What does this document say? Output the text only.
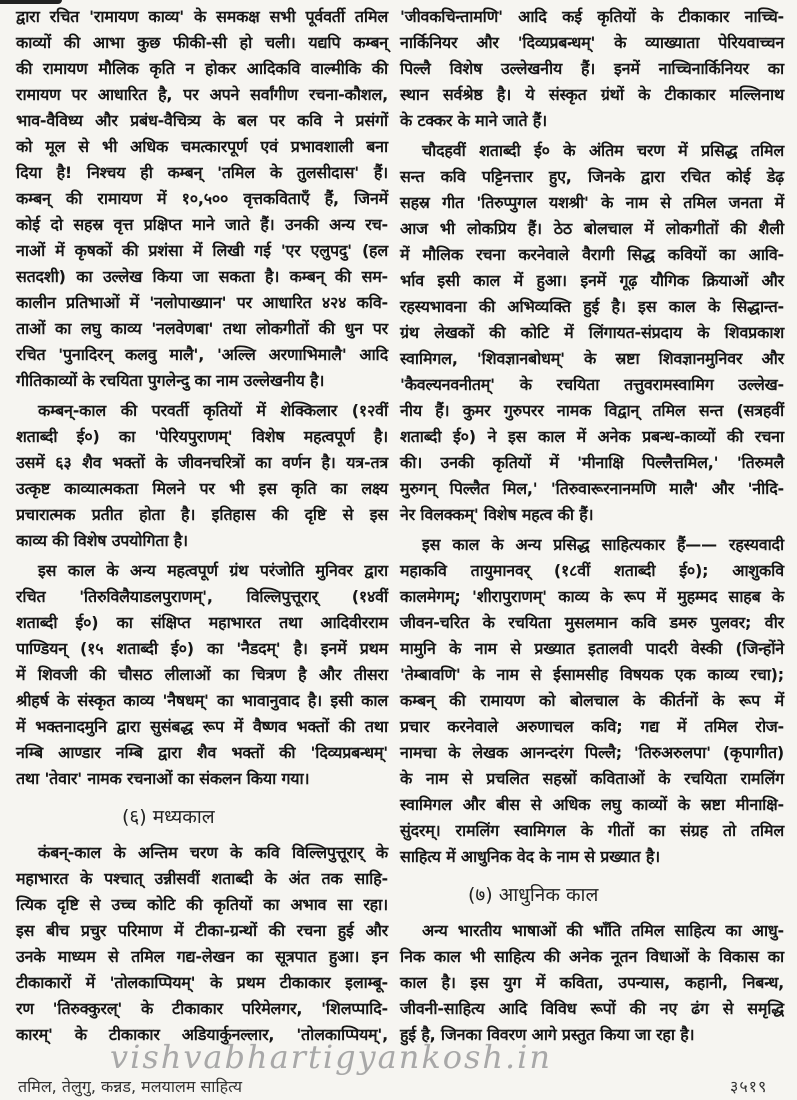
द्वारा रचित 'रामायण काव्य' के समकक्ष सभी पूर्ववर्ती तमिल
काव्यों की आभा कुछ फीकी-सी हो चली। यद्यपि कम्बन्
की रामायण मौलिक कृति न होकर आदिकवि वाल्मीकि की
रामायण पर आधारित है, पर अपने सर्वांगीण रचना-कौशल,
भाव-वैविध्य और प्रबंध-वैचित्र्य के बल पर कवि ने प्रसंगों
को मूल से भी अधिक चमत्कारपूर्ण एवं प्रभावशाली बना
दिया है! निश्चय ही कम्बन् 'तमिल के तुलसीदास' हैं।
कम्बन् की रामायण में १०,५०० वृत्तकविताएँ हैं, जिनमें
कोई दो सहस्र वृत्त प्रक्षिप्त माने जाते हैं। उनकी अन्य रच-
नाओं में कृषकों की प्रशंसा में लिखी गई 'एर एलुपदु' (हल
सतदशी) का उल्लेख किया जा सकता है। कम्बन् की सम-
कालीन प्रतिभाओं में 'नलोपाख्यान' पर आधारित ४२४ कवि-
ताओं का लघु काव्य 'नलवेणबा' तथा लोकगीतों की धुन पर
रचित 'पुनादिरन् कलवु मालै', 'अल्लि अरणाभिमालै' आदि
गीतिकाव्यों के रचयिता पुगलेन्दु का नाम उल्लेखनीय है।
कम्बन्-काल की परवर्ती कृतियों में शेक्किलार (१२वीं
शताब्दी ई०) का 'पेरियपुराणम्' विशेष महत्वपूर्ण है।
उसमें ६३ शैव भक्तों के जीवनचरित्रों का वर्णन है। यत्र-तत्र
उत्कृष्ट काव्यात्मकता मिलने पर भी इस कृति का लक्ष्य
प्रचारात्मक प्रतीत होता है। इतिहास की दृष्टि से इस
काव्य की विशेष उपयोगिता है।
इस काल के अन्य महत्वपूर्ण ग्रंथ परंजोति मुनिवर द्वारा
रचित 'तिरुविलैयाडलपुराणम्', विल्लिपुत्तूरार् (१४वीं
शताब्दी ई०) का संक्षिप्त महाभारत तथा आदिवीरराम
पाण्डियन् (१५ शताब्दी ई०) का 'नैडदम्' है। इनमें प्रथम
में शिवजी की चौसठ लीलाओं का चित्रण है और तीसरा
श्रीहर्ष के संस्कृत काव्य 'नैषधम्' का भावानुवाद है। इसी काल
में भक्तनादमुनि द्वारा सुसंबद्ध रूप में वैष्णव भक्तों की तथा
नम्बि आण्डार नम्बि द्वारा शैव भक्तों की 'दिव्यप्रबन्धम्'
तथा 'तेवार' नामक रचनाओं का संकलन किया गया।
(६) मध्यकाल
कंबन्-काल के अन्तिम चरण के कवि विल्लिपुत्तूरार् के
महाभारत के पश्चात् उन्नीसवीं शताब्दी के अंत तक साहि-
त्यिक दृष्टि से उच्च कोटि की कृतियों का अभाव सा रहा।
इस बीच प्रचुर परिमाण में टीका-ग्रन्थों की रचना हुई और
उनके माध्यम से तमिल गद्य-लेखन का सूत्रपात हुआ। इन
टीकाकारों में 'तोलकाप्पियम्' के प्रथम टीकाकार इलाम्बू-
रण 'तिरुक्कुरल्' के टीकाकार परिमेलगर, 'शिलप्पादि-
कारम्' के टीकाकार अडियार्कुनल्लार, 'तोलकाप्पियम्',
'जीवकचिन्तामणि' आदि कई कृतियों के टीकाकार नाच्चि-
नार्किनियर और 'दिव्यप्रबन्धम्' के व्याख्याता पेरियवाच्चन
पिल्लै विशेष उल्लेखनीय हैं। इनमें नाच्चिनार्किनियर का
स्थान सर्वश्रेष्ठ है। ये संस्कृत ग्रंथों के टीकाकार मल्लिनाथ
के टक्कर के माने जाते हैं।
चौदहवीं शताब्दी ई० के अंतिम चरण में प्रसिद्ध तमिल
सन्त कवि पट्टिनत्तार हुए, जिनके द्वारा रचित कोई डेढ़
सहस्र गीत 'तिरुप्पुगल यशश्री' के नाम से तमिल जनता में
आज भी लोकप्रिय हैं। ठेठ बोलचाल में लोकगीतों की शैली
में मौलिक रचना करनेवाले वैरागी सिद्ध कवियों का आवि-
र्भाव इसी काल में हुआ। इनमें गूढ़ यौगिक क्रियाओं और
रहस्यभावना की अभिव्यक्ति हुई है। इस काल के सिद्धान्त-
ग्रंथ लेखकों की कोटि में लिंगायत-संप्रदाय के शिवप्रकाश
स्वामिगल, 'शिवज्ञानबोधम्' के स्रष्टा शिवज्ञानमुनिवर और
'कैवल्यनवनीतम्' के रचयिता तत्तुवरामस्वामिग उल्लेख-
नीय हैं। कुमर गुरुपरर नामक विद्वान् तमिल सन्त (सत्रहवीं
शताब्दी ई०) ने इस काल में अनेक प्रबन्ध-काव्यों की रचना
की। उनकी कृतियों में 'मीनाक्षि पिल्लैत्तमिल,' 'तिरुमलै
मुरुगन् पिल्लैत मिल,' 'तिरुवारूरनानमणि मालै' और 'नीदि-
नेर विलक्कम्' विशेष महत्व की हैं।
इस काल के अन्य प्रसिद्ध साहित्यकार हैं—— रहस्यवादी
महाकवि तायुमानवर् (१८वीं शताब्दी ई०); आशुकवि
कालमेगम्; 'शीरापुराणम्' काव्य के रूप में मुहम्मद साहब के
जीवन-चरित के रचयिता मुसलमान कवि डमरु पुलवर; वीर
मामुनि के नाम से प्रख्यात इतालवी पादरी वेस्की (जिन्होंने
'तेम्बावणि' के नाम से ईसामसीह विषयक एक काव्य रचा);
कम्बन् की रामायण को बोलचाल के कीर्तनों के रूप में
प्रचार करनेवाले अरुणाचल कवि; गद्य में तमिल रोज-
नामचा के लेखक आनन्दरंग पिल्लै; 'तिरुअरुलपा' (कृपागीत)
के नाम से प्रचलित सहस्रों कविताओं के रचयिता रामलिंग
स्वामिगल और बीस से अधिक लघु काव्यों के स्रष्टा मीनाक्षि-
सुंदरम्। रामलिंग स्वामिगल के गीतों का संग्रह तो तमिल
साहित्य में आधुनिक वेद के नाम से प्रख्यात है।
(७) आधुनिक काल
अन्य भारतीय भाषाओं की भाँति तमिल साहित्य का आधु-
निक काल भी साहित्य की अनेक नूतन विधाओं के विकास का
काल है। इस युग में कविता, उपन्यास, कहानी, निबन्ध,
जीवनी-साहित्य आदि विविध रूपों की नए ढंग से समृद्धि
हुई है, जिनका विवरण आगे प्रस्तुत किया जा रहा है।
vishvabhartigyankosh.in
तमिल, तेलुगु, कन्नड, मलयालम साहित्य	३५१९
